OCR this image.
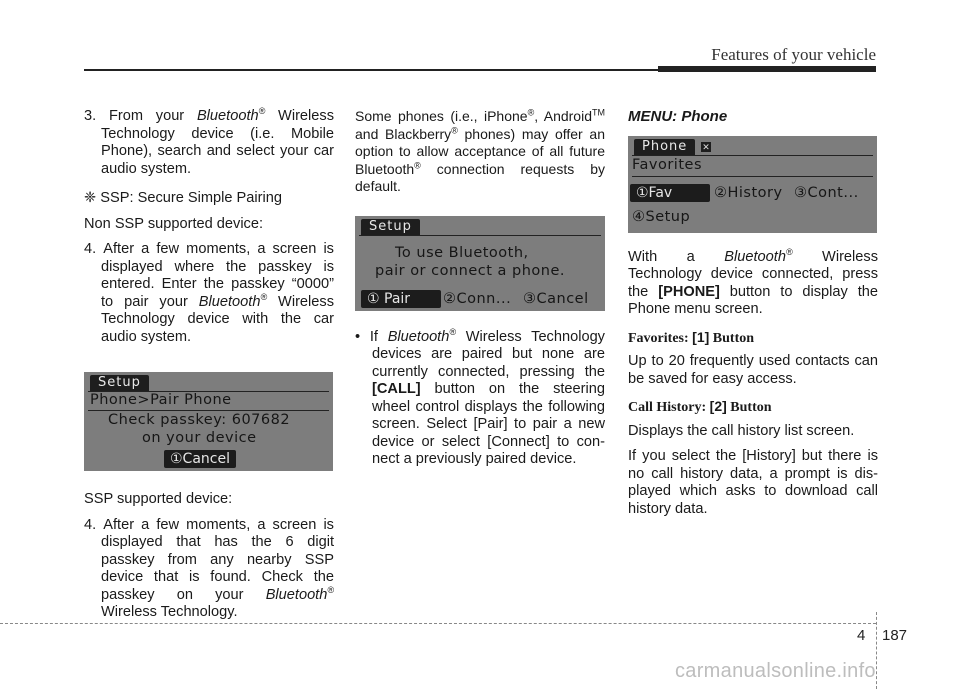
Features of your vehicle

3. From your Bluetooth® Wireless Technology device (i.e. Mobile Phone), search and select your car audio system.

❈ SSP: Secure Simple Pairing

Non SSP supported device:

4. After a few moments, a screen is displayed where the passkey is entered. Enter the passkey “0000” to pair your Bluetooth® Wireless Technology device with the car audio system.

Setup
Phone>Pair Phone
Check passkey: 607682
on your device
①Cancel

SSP supported device:

4. After a few moments, a screen is displayed that has the 6 digit passkey from any nearby SSP device that is found. Check the passkey on your Bluetooth® Wireless Technology.

Some phones (i.e., iPhone®, Android™ and Blackberry® phones) may offer an option to allow acceptance of all future Bluetooth® connection requests by default.

Setup
To use Bluetooth,
pair or connect a phone.
① Pair	②Conn... ③Cancel

• If Bluetooth® Wireless Technology devices are paired but none are currently connected, pressing the [CALL] button on the steering wheel control displays the following screen. Select [Pair] to pair a new device or select [Connect] to con-nect a previously paired device.

MENU: Phone
Phone	✕
Favorites
①Fav	②History ③Cont...
④Setup

With a Bluetooth® Wireless Technology device connected, press the [PHONE] button to display the Phone menu screen.

Favorites: [1] Button

Up to 20 frequently used contacts can be saved for easy access.

Call History: [2] Button

Displays the call history list screen.

If you select the [History] but there is no call history data, a prompt is dis-played which asks to download call history data.

4 187
carmanualsonline.info
